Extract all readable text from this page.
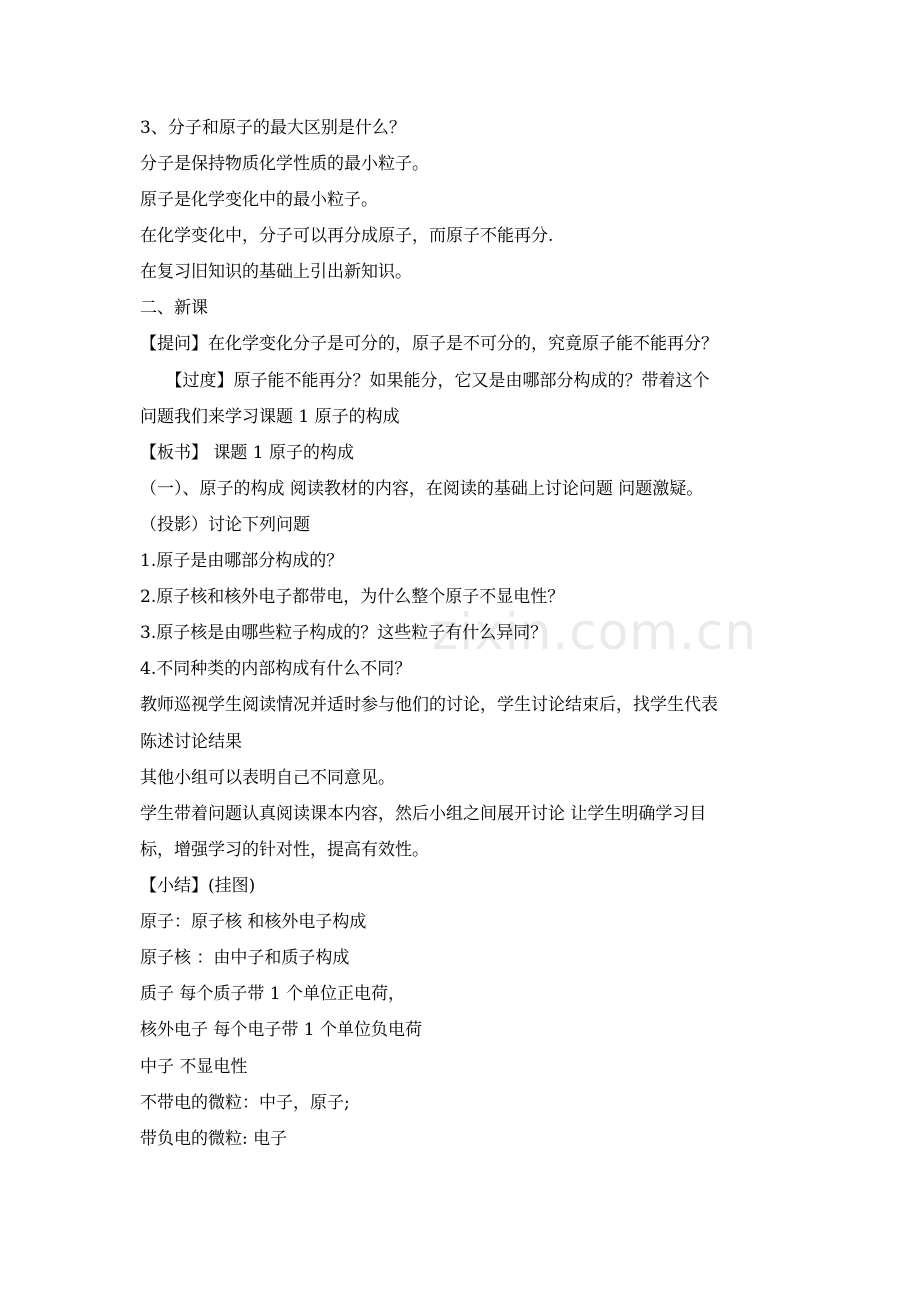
3、分子和原子的最大区别是什么？
分子是保持物质化学性质的最小粒子。
原子是化学变化中的最小粒子。
在化学变化中，分子可以再分成原子，而原子不能再分.
在复习旧知识的基础上引出新知识。
二、新课
【提问】在化学变化分子是可分的，原子是不可分的，究竟原子能不能再分？
　　【过度】原子能不能再分？如果能分，它又是由哪部分构成的？带着这个
问题我们来学习课题 1 原子的构成
【板书】 课题 1 原子的构成
（一）、原子的构成 阅读教材的内容，在阅读的基础上讨论问题 问题激疑。
（投影）讨论下列问题
1.原子是由哪部分构成的？
2.原子核和核外电子都带电，为什么整个原子不显电性？
3.原子核是由哪些粒子构成的？这些粒子有什么异同？
4.不同种类的内部构成有什么不同？
教师巡视学生阅读情况并适时参与他们的讨论，学生讨论结束后，找学生代表
陈述讨论结果
其他小组可以表明自己不同意见。
学生带着问题认真阅读课本内容，然后小组之间展开讨论 让学生明确学习目
标，增强学习的针对性，提高有效性。
【小结】(挂图)
原子：原子核 和核外电子构成
原子核 ：由中子和质子构成
质子 每个质子带 1 个单位正电荷，
核外电子 每个电子带 1 个单位负电荷
中子 不显电性
不带电的微粒：中子，原子;
带负电的微粒: 电子
zixin.com.cn
